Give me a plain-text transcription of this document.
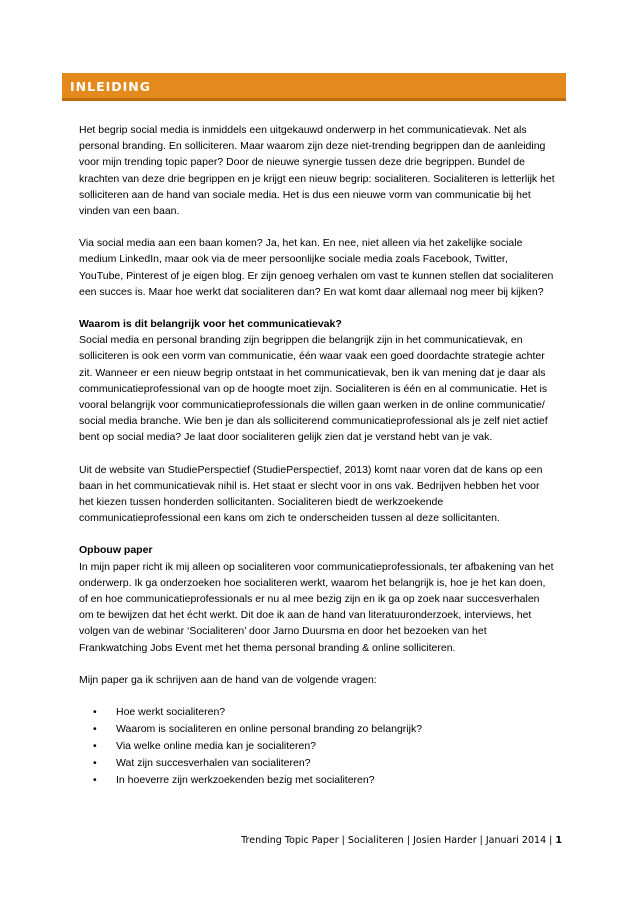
INLEIDING
Het begrip social media is inmiddels een uitgekauwd onderwerp in het communicatievak. Net als
personal branding. En solliciteren. Maar waarom zijn deze niet-trending begrippen dan de aanleiding
voor mijn trending topic paper? Door de nieuwe synergie tussen deze drie begrippen. Bundel de
krachten van deze drie begrippen en je krijgt een nieuw begrip: socialiteren. Socialiteren is letterlijk het
solliciteren aan de hand van sociale media. Het is dus een nieuwe vorm van communicatie bij het
vinden van een baan.
Via social media aan een baan komen? Ja, het kan. En nee, niet alleen via het zakelijke sociale
medium LinkedIn, maar ook via de meer persoonlijke sociale media zoals Facebook, Twitter,
YouTube, Pinterest of je eigen blog. Er zijn genoeg verhalen om vast te kunnen stellen dat socialiteren
een succes is. Maar hoe werkt dat socialiteren dan? En wat komt daar allemaal nog meer bij kijken?
Waarom is dit belangrijk voor het communicatievak?
Social media en personal branding zijn begrippen die belangrijk zijn in het communicatievak, en
solliciteren is ook een vorm van communicatie, één waar vaak een goed doordachte strategie achter
zit. Wanneer er een nieuw begrip ontstaat in het communicatievak, ben ik van mening dat je daar als
communicatieprofessional van op de hoogte moet zijn. Socialiteren is één en al communicatie. Het is
vooral belangrijk voor communicatieprofessionals die willen gaan werken in de online communicatie/
social media branche. Wie ben je dan als solliciterend communicatieprofessional als je zelf niet actief
bent op social media? Je laat door socialiteren gelijk zien dat je verstand hebt van je vak.
Uit de website van StudiePerspectief (StudiePerspectief, 2013) komt naar voren dat de kans op een
baan in het communicatievak nihil is. Het staat er slecht voor in ons vak. Bedrijven hebben het voor
het kiezen tussen honderden sollicitanten. Socialiteren biedt de werkzoekende
communicatieprofessional een kans om zich te onderscheiden tussen al deze sollicitanten.
Opbouw paper
In mijn paper richt ik mij alleen op socialiteren voor communicatieprofessionals, ter afbakening van het
onderwerp. Ik ga onderzoeken hoe socialiteren werkt, waarom het belangrijk is, hoe je het kan doen,
of en hoe communicatieprofessionals er nu al mee bezig zijn en ik ga op zoek naar succesverhalen
om te bewijzen dat het écht werkt. Dit doe ik aan de hand van literatuuronderzoek, interviews, het
volgen van de webinar ‘Socialiteren’ door Jarno Duursma en door het bezoeken van het
Frankwatching Jobs Event met het thema personal branding & online solliciteren.
Mijn paper ga ik schrijven aan de hand van de volgende vragen:
• Hoe werkt socialiteren?
• Waarom is socialiteren en online personal branding zo belangrijk?
• Via welke online media kan je socialiteren?
• Wat zijn succesverhalen van socialiteren?
• In hoeverre zijn werkzoekenden bezig met socialiteren?
Trending Topic Paper | Socialiteren | Josien Harder | Januari 2014 | 1
